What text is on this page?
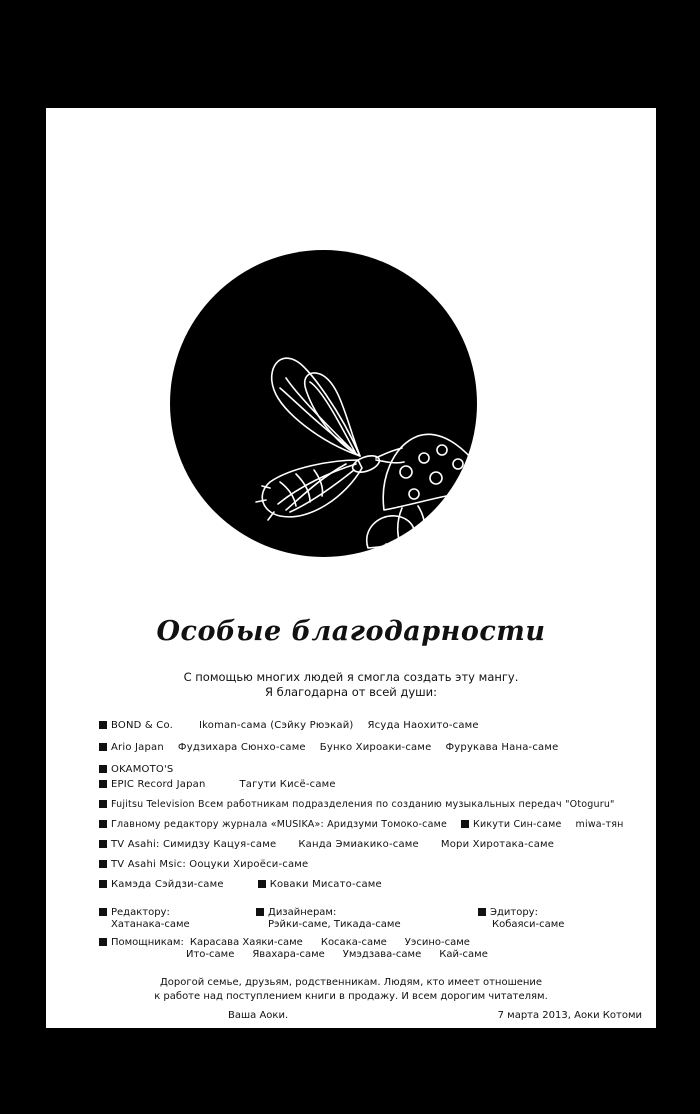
Особые благодарности
С помощью многих людей я смогла создать эту мангу.
Я благодарна от всей души:
BOND & Co.	Ikoman-сама (Сэйку Рюэкай) Ясуда Наохито-саме
Ario Japan Фудзихара Сюнхо-саме Бунко Хироаки-саме Фурукава Нана-саме
OKAMOTO'S
EPIC Record Japan	Тагути Кисё-саме
Fujitsu Television Всем работникам подразделения по созданию музыкальных передач "Otoguru"
Главному редактору журнала «MUSIKA»: Аридзуми Томоко-саме	Кикути Син-саме miwa-тян
TV Asahi: Симидзу Кацуя-саме Канда Эмиакико-саме Мори Хиротака-саме
TV Asahi Msic: Ооцуки Хироёси-саме
Камэда Сэйдзи-саме	Коваки Мисато-саме
Редактору:
Хатанака-саме
Дизайнерам:
Рэйки-саме, Тикада-саме
Эдитору:
Кобаяси-саме
Помощникам: Карасава Хаяки-саме Косака-саме Уэсино-саме
Ито-саме Явахара-саме Умэдзава-саме Кай-саме
Дорогой семье, друзьям, родственникам. Людям, кто имеет отношение
к работе над поступлением книги в продажу. И всем дорогим читателям.
Ваша Аоки.	7 марта 2013, Аоки Котоми
